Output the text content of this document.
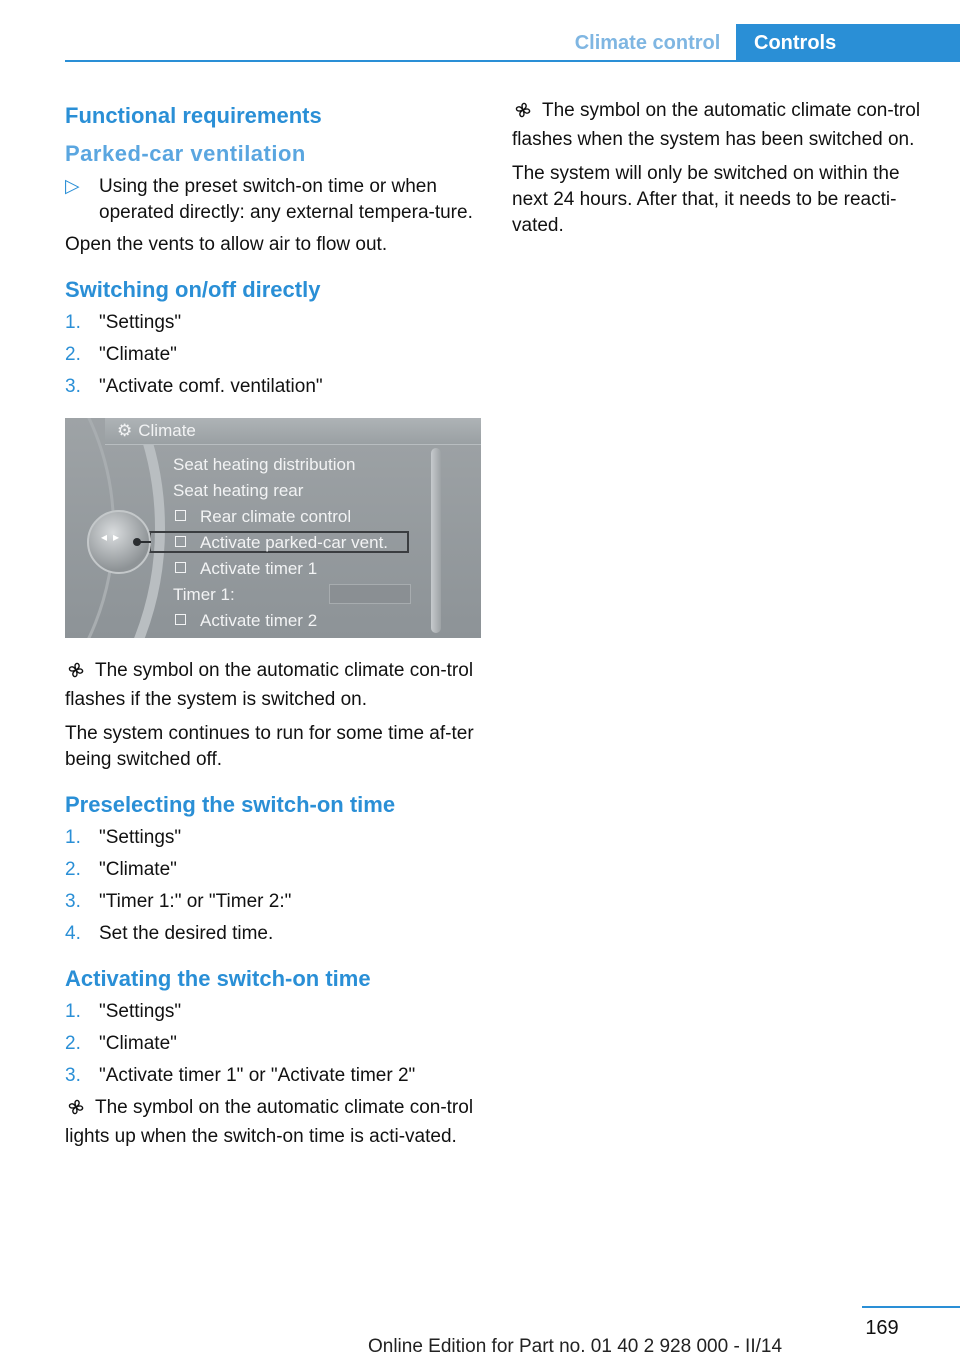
Climate control	Controls
Functional requirements
Parked-car ventilation
▷	Using the preset switch-on time or when operated directly: any external tempera-ture.

Open the vents to allow air to flow out.

Switching on/off directly
1. "Settings"
2. "Climate"
3. "Activate comf. ventilation"
⚙ Climate
Seat heating distribution
Seat heating rear
Rear climate control
Activate parked-car vent.
Activate timer 1
Timer 1:
Activate timer 2
◂▸

The symbol on the automatic climate con-trol flashes if the system is switched on.

The system continues to run for some time af-ter being switched off.

Preselecting the switch-on time
1. "Settings"
2. "Climate"
3. "Timer 1:" or "Timer 2:"
4. Set the desired time.
Activating the switch-on time
1. "Settings"
2. "Climate"
3. "Activate timer 1" or "Activate timer 2"

The symbol on the automatic climate con-trol lights up when the switch-on time is acti-vated.

The symbol on the automatic climate con-trol flashes when the system has been switched on.

The system will only be switched on within the next 24 hours. After that, it needs to be reacti-vated.

169
Online Edition for Part no. 01 40 2 928 000 - II/14
